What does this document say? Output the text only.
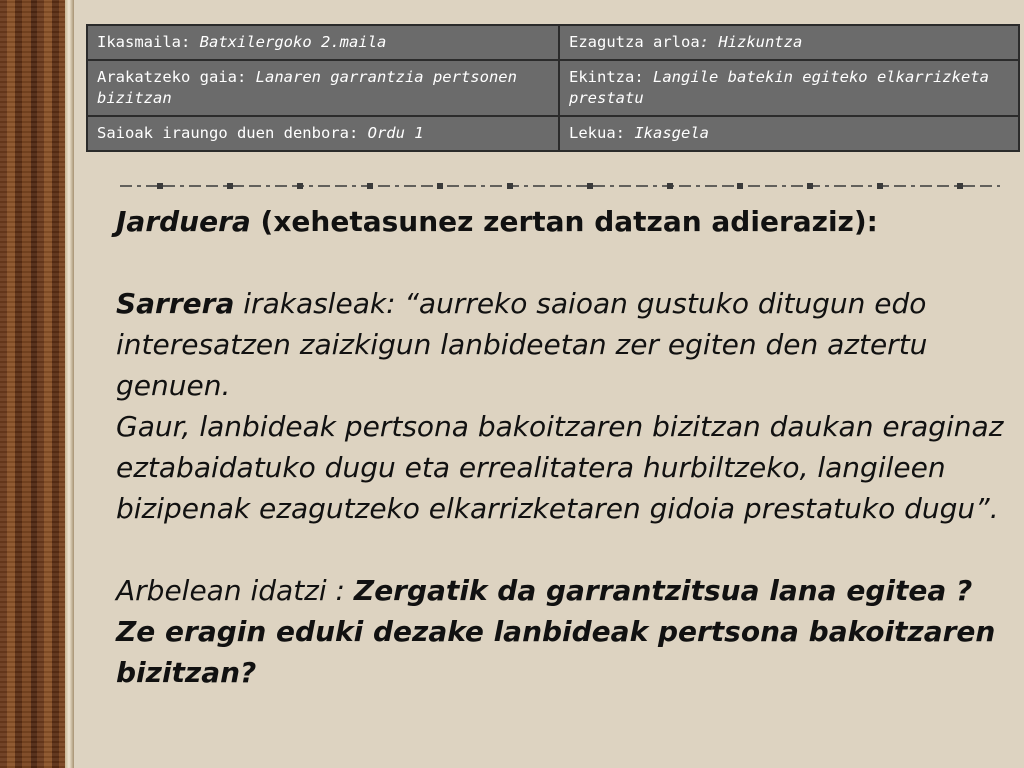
Ikasmaila: Batxilergoko 2.maila	Ezagutza arloa: Hizkuntza
Arakatzeko gaia: Lanaren garrantzia pertsonen bizitzan	Ekintza: Langile batekin egiteko elkarrizketa prestatu
Saioak iraungo duen denbora: Ordu 1	Lekua: Ikasgela

Jarduera (xehetasunez zertan datzan adieraziz):

Sarrera irakasleak: “aurreko saioan gustuko ditugun edo interesatzen zaizkigun lanbideetan zer egiten den aztertu genuen.

Gaur, lanbideak pertsona bakoitzaren bizitzan daukan eraginaz eztabaidatuko dugu eta errealitatera hurbiltzeko, langileen bizipenak ezagutzeko elkarrizketaren gidoia prestatuko dugu”.

Arbelean idatzi : Zergatik da garrantzitsua lana egitea ? Ze eragin eduki dezake lanbideak pertsona bakoitzaren bizitzan?
